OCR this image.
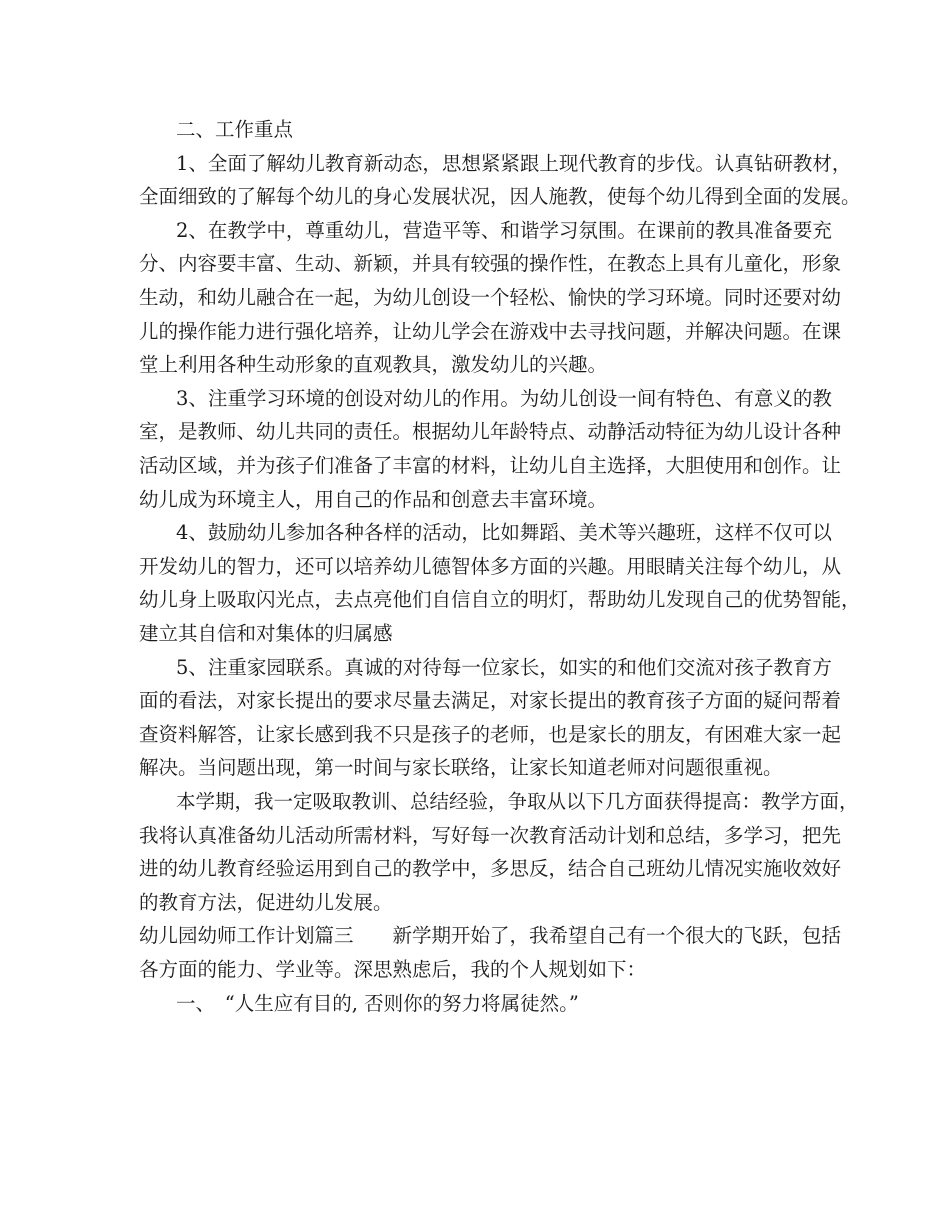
二、工作重点
1、全面了解幼儿教育新动态，思想紧紧跟上现代教育的步伐。认真钻研教材，
全面细致的了解每个幼儿的身心发展状况，因人施教，使每个幼儿得到全面的发展。
2、在教学中，尊重幼儿，营造平等、和谐学习氛围。在课前的教具准备要充
分、内容要丰富、生动、新颖，并具有较强的操作性，在教态上具有儿童化，形象
生动，和幼儿融合在一起，为幼儿创设一个轻松、愉快的学习环境。同时还要对幼
儿的操作能力进行强化培养，让幼儿学会在游戏中去寻找问题，并解决问题。在课
堂上利用各种生动形象的直观教具，激发幼儿的兴趣。
3、注重学习环境的创设对幼儿的作用。为幼儿创设一间有特色、有意义的教
室，是教师、幼儿共同的责任。根据幼儿年龄特点、动静活动特征为幼儿设计各种
活动区域，并为孩子们准备了丰富的材料，让幼儿自主选择，大胆使用和创作。让
幼儿成为环境主人，用自己的作品和创意去丰富环境。
4、鼓励幼儿参加各种各样的活动，比如舞蹈、美术等兴趣班，这样不仅可以
开发幼儿的智力，还可以培养幼儿德智体多方面的兴趣。用眼睛关注每个幼儿，从
幼儿身上吸取闪光点，去点亮他们自信自立的明灯，帮助幼儿发现自己的优势智能，
建立其自信和对集体的归属感
5、注重家园联系。真诚的对待每一位家长，如实的和他们交流对孩子教育方
面的看法，对家长提出的要求尽量去满足，对家长提出的教育孩子方面的疑问帮着
查资料解答，让家长感到我不只是孩子的老师，也是家长的朋友，有困难大家一起
解决。当问题出现，第一时间与家长联络，让家长知道老师对问题很重视。
本学期，我一定吸取教训、总结经验，争取从以下几方面获得提高：教学方面，
我将认真准备幼儿活动所需材料，写好每一次教育活动计划和总结，多学习，把先
进的幼儿教育经验运用到自己的教学中，多思反，结合自己班幼儿情况实施收效好
的教育方法，促进幼儿发展。
幼儿园幼师工作计划篇三　　新学期开始了，我希望自己有一个很大的飞跃，包括
各方面的能力、学业等。深思熟虑后，我的个人规划如下：
一、　“人生应有目的, 否则你的努力将属徒然。”
